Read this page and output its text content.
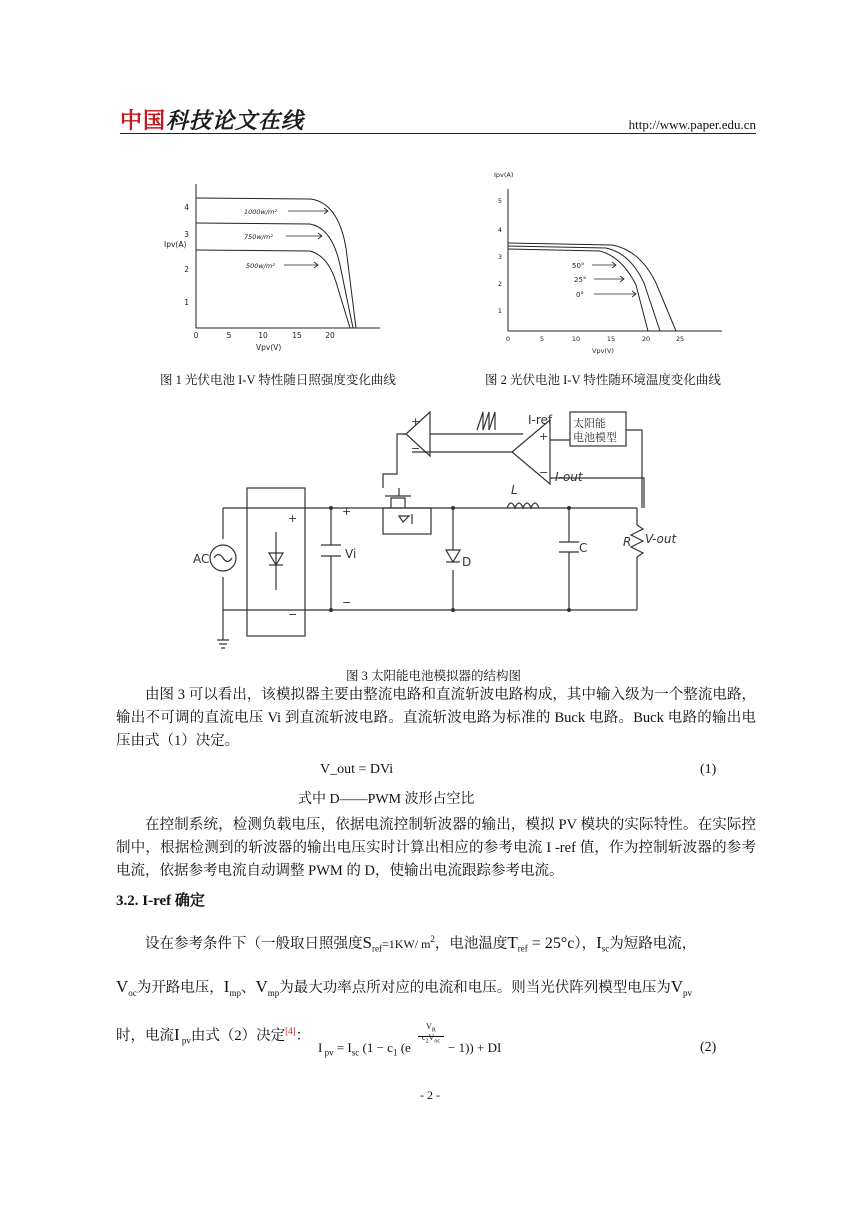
中国科技论文在线	http://www.paper.edu.cn
1
2
3
4
0	5	10	15	20
Ipv(A)
Vpv(V)
1000w/m²
750w/m²
500w/m²
图 1 光伏电池 I-V 特性随日照强度变化曲线
Ipv(A)
1
2
3
4
5
0	5	10	15	20	25
Vpv(V)
50°
25°
0°
图 2 光伏电池 I-V 特性随环境温度变化曲线
AC
+
−
+
−
Vi
D
L
C	R V-out
I-ref
I-out
太阳能
电池模型
+
−
+
−
图 3 太阳能电池模拟器的结构图

由图 3 可以看出，该模拟器主要由整流电路和直流斩波电路构成，其中输入级为一个整流电路，输出不可调的直流电压 Vi 到直流斩波电路。直流斩波电路为标准的 Buck 电路。Buck 电路的输出电压由式（1）决定。

V_out = DVi	(1)
式中 D——PWM 波形占空比

在控制系统，检测负载电压，依据电流控制斩波器的输出，模拟 PV 模块的实际特性。在实际控制中，根据检测到的斩波器的输出电压实时计算出相应的参考电流 I -ref 值，作为控制斩波器的参考电流，依据参考电流自动调整 PWM 的 D，使输出电流跟踪参考电流。

3.2. I-ref 确定
设在参考条件下（一般取日照强度$S_{ref}=1KW/$ $m^2$，电池温度$T_{ref} = 25^\circ c$），$I_{sc}$为短路电流，
$V_{oc}$为开路电压，$I_{mp}$、$V_{mp}$为最大功率点所对应的电流和电压。则当光伏阵列模型电压为$V_{pv}$
时，电流I $_{pv}$由式（2）决定[4]：
I $_{pv} = I_{sc}$ ($1 - c_1$ (e
$V_R$
$c_2V_{oc} - 1$)) + DI	(2)
- 2 -
